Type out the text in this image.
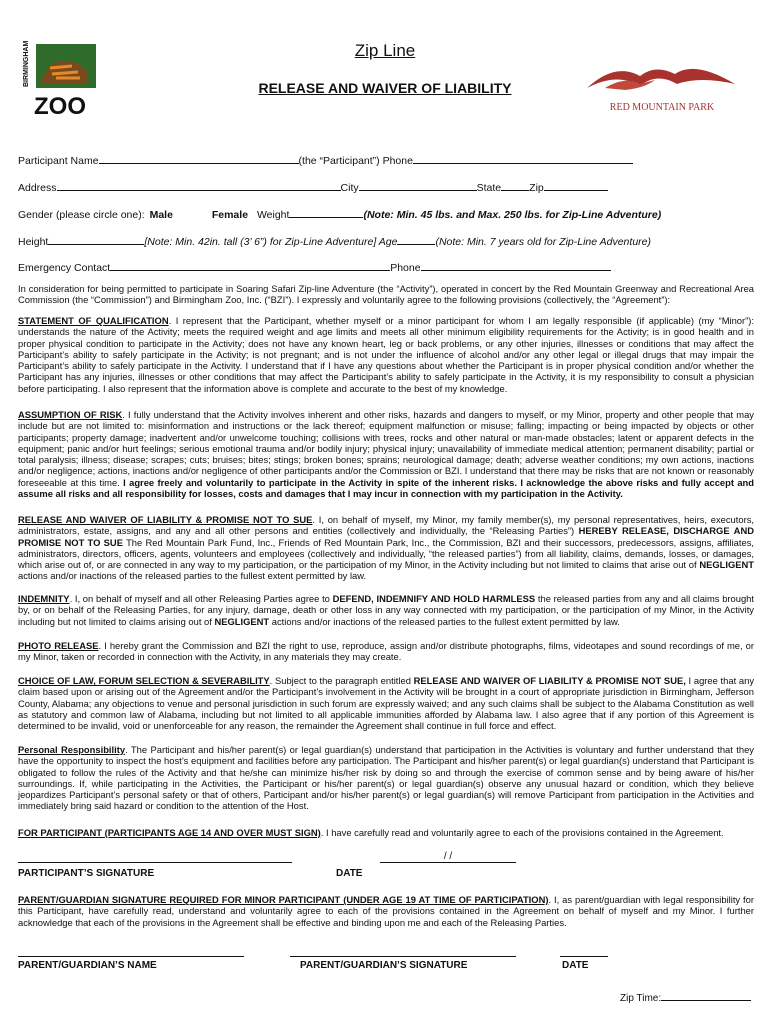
BIRMINGHAM
ZOO	RED MOUNTAIN PARK
Zip Line
RELEASE AND WAIVER OF LIABILITY
Participant Name	(the “Participant”) Phone
Address	City	State	Zip
Gender (please circle one): Male	Female Weight	(Note: Min. 45 lbs. and Max. 250 lbs. for Zip-Line Adventure)
Height	[Note: Min. 42in. tall (3’ 6”) for Zip-Line Adventure] Age	(Note: Min. 7 years old for Zip-Line Adventure)
Emergency Contact	Phone

In consideration for being permitted to participate in Soaring Safari Zip-line Adventure (the “Activity”), operated in concert by the Red Mountain Greenway and Recreational Area Commission (the “Commission”) and Birmingham Zoo, Inc. (“BZI”). I expressly and voluntarily agree to the following provisions (collectively, the “Agreement”):

STATEMENT OF QUALIFICATION. I represent that the Participant, whether myself or a minor participant for whom I am legally responsible (if applicable) (my “Minor”): understands the nature of the Activity; meets the required weight and age limits and meets all other minimum eligibility requirements for the Activity; is in good health and in proper physical condition to participate in the Activity; does not have any known heart, leg or back problems, or any other injuries, illnesses or conditions that may affect the Participant’s ability to safely participate in the Activity; is not pregnant; and is not under the influence of alcohol and/or any other legal or illegal drugs that may impair the Participant’s ability to safely participate in the Activity. I understand that if I have any questions about whether the Participant is in proper physical condition and/or whether the Participant has any injuries, illnesses or other conditions that may affect the Participant’s ability to safely participate in the Activity, it is my responsibility to consult a physician before participating. I also represent that the information above is complete and accurate to the best of my knowledge.

ASSUMPTION OF RISK. I fully understand that the Activity involves inherent and other risks, hazards and dangers to myself, or my Minor, property and other people that may include but are not limited to: misinformation and instructions or the lack thereof; equipment malfunction or misuse; falling; impacting or being impacted by objects or other participants; property damage; inadvertent and/or unwelcome touching; collisions with trees, rocks and other natural or man-made obstacles; latent or apparent defects in the equipment; panic and/or hurt feelings; serious emotional trauma and/or bodily injury; physical injury; unavailability of immediate medical attention; permanent disability; partial or total paralysis; illness; disease; scrapes; cuts; bruises; bites; stings; broken bones; sprains; neurological damage; death; adverse weather conditions; my own actions, inactions and/or negligence; actions, inactions and/or negligence of other participants and/or the Commission or BZI. I understand that there may be risks that are not known or reasonably foreseeable at this time. I agree freely and voluntarily to participate in the Activity in spite of the inherent risks. I acknowledge the above risks and fully accept and assume all risks and all responsibility for losses, costs and damages that I may incur in connection with my participation in the Activity.

RELEASE AND WAIVER OF LIABILITY & PROMISE NOT TO SUE. I, on behalf of myself, my Minor, my family member(s), my personal representatives, heirs, executors, administrators, estate, assigns, and any and all other persons and entities (collectively and individually, the “Releasing Parties”) HEREBY RELEASE, DISCHARGE AND PROMISE NOT TO SUE The Red Mountain Park Fund, Inc., Friends of Red Mountain Park, Inc., the Commission, BZI and their successors, predecessors, assigns, affiliates, administrators, directors, officers, agents, volunteers and employees (collectively and individually, “the released parties”) from all liability, claims, demands, losses, or damages, which arise out of, or are connected in any way to my participation, or the participation of my Minor, in the Activity including but not limited to claims that arise out of NEGLIGENT actions and/or inactions of the released parties to the fullest extent permitted by law.

INDEMNITY. I, on behalf of myself and all other Releasing Parties agree to DEFEND, INDEMNIFY AND HOLD HARMLESS the released parties from any and all claims brought by, or on behalf of the Releasing Parties, for any injury, damage, death or other loss in any way connected with my participation, or the participation of my Minor, in the Activity including but not limited to claims arising out of NEGLIGENT actions and/or inactions of the released parties to the fullest extent permitted by law.

PHOTO RELEASE. I hereby grant the Commission and BZI the right to use, reproduce, assign and/or distribute photographs, films, videotapes and sound recordings of me, or my Minor, taken or recorded in connection with the Activity, in any materials they may create.

CHOICE OF LAW, FORUM SELECTION & SEVERABILITY. Subject to the paragraph entitled RELEASE AND WAIVER OF LIABILITY & PROMISE NOT SUE, I agree that any claim based upon or arising out of the Agreement and/or the Participant’s involvement in the Activity will be brought in a court of appropriate jurisdiction in Birmingham, Jefferson County, Alabama; any objections to venue and personal jurisdiction in such forum are expressly waived; and any such claims shall be subject to the Alabama Constitution as well as statutory and common law of Alabama, including but not limited to all applicable immunities afforded by Alabama law. I also agree that if any portion of this Agreement is determined to be invalid, void or unenforceable for any reason, the remainder the Agreement shall continue in full force and effect.

Personal Responsibility. The Participant and his/her parent(s) or legal guardian(s) understand that participation in the Activities is voluntary and further understand that they have the opportunity to inspect the host’s equipment and facilities before any participation. The Participant and his/her parent(s) or legal guardian(s) understand that Participant is obligated to follow the rules of the Activity and that he/she can minimize his/her risk by doing so and through the exercise of common sense and by being aware of his/her surroundings. If, while participating in the Activities, the Participant or his/her parent(s) or legal guardian(s) observe any unusual hazard or condition, which they believe jeopardizes Participant’s personal safety or that of others, Participant and/or his/her parent(s) or legal guardian(s) will remove Participant from participation in the Activities and immediately bring said hazard or condition to the attention of the Host.

FOR PARTICIPANT (PARTICIPANTS AGE 14 AND OVER MUST SIGN). I have carefully read and voluntarily agree to each of the provisions contained in the Agreement.

PARTICIPANT’S SIGNATURE
/ /
DATE

PARENT/GUARDIAN SIGNATURE REQUIRED FOR MINOR PARTICIPANT (UNDER AGE 19 AT TIME OF PARTICIPATION). I, as parent/guardian with legal responsibility for this Participant, have carefully read, understand and voluntarily agree to each of the provisions contained in the Agreement on behalf of myself and my Minor. I further acknowledge that each of the provisions in the Agreement shall be effective and binding upon me and each of the Releasing Parties.

PARENT/GUARDIAN’S NAME	PARENT/GUARDIAN’S SIGNATURE	DATE
Zip Time:
